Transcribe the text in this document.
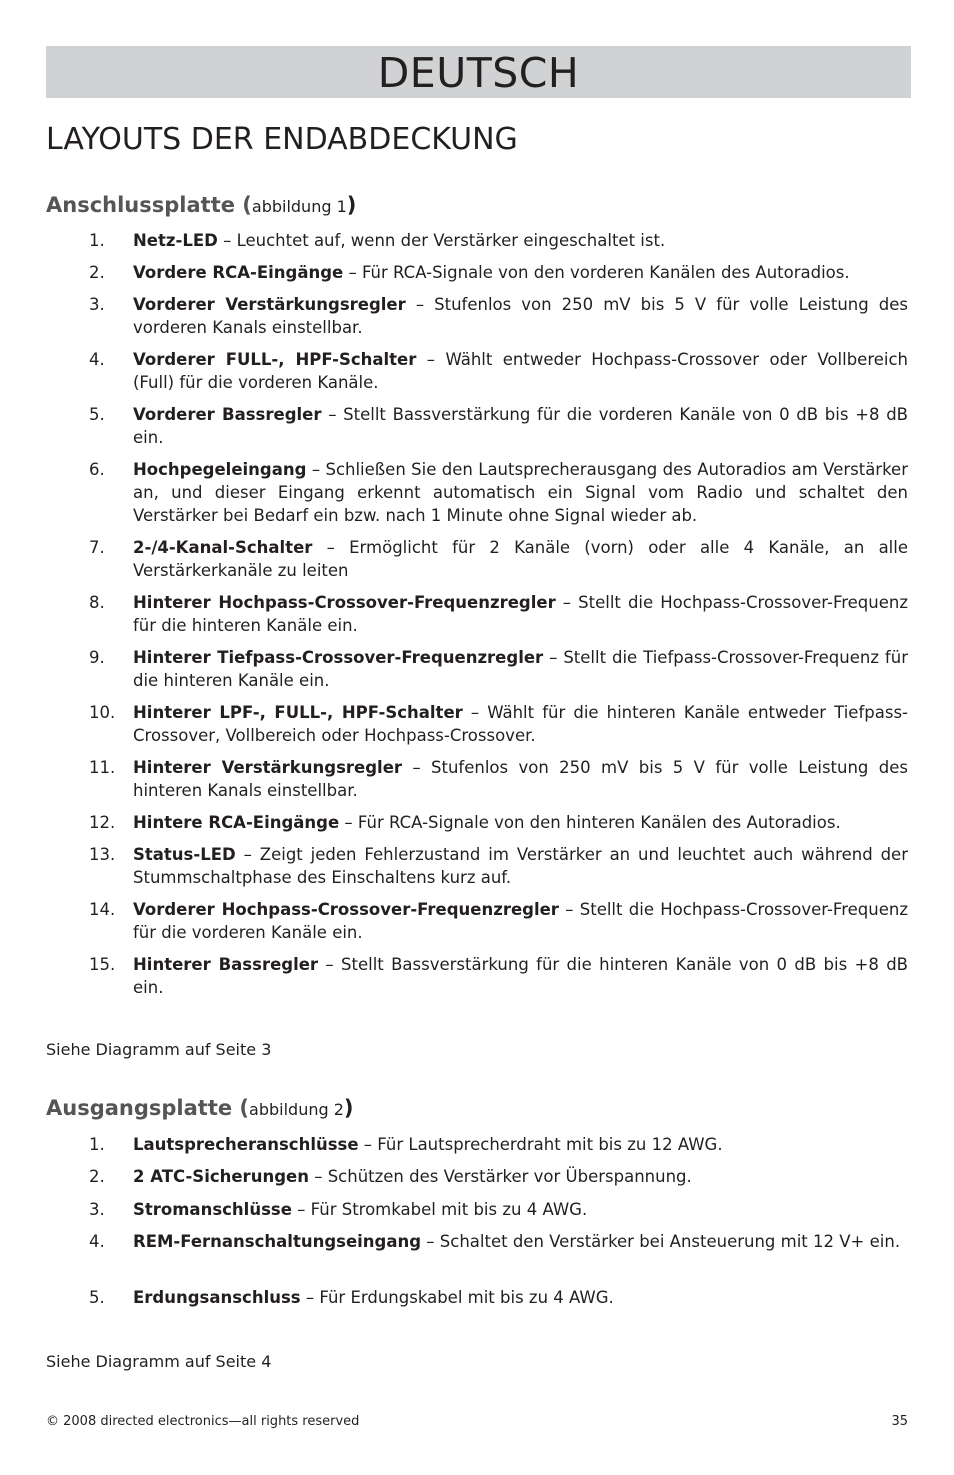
DEUTSCH
LAYOUTS DER ENDABDECKUNG
Anschlussplatte (abbildung 1)
1. Netz-LED – Leuchtet auf, wenn der Verstärker eingeschaltet ist.
2. Vordere RCA-Eingänge – Für RCA-Signale von den vorderen Kanälen des Autoradios.
3. Vorderer Verstärkungsregler – Stufenlos von 250 mV bis 5 V für volle Leistung des vorderen Kanals einstellbar.
4. Vorderer FULL-, HPF-Schalter – Wählt entweder Hochpass-Crossover oder Vollbereich (Full) für die vorderen Kanäle.
5. Vorderer Bassregler – Stellt Bassverstärkung für die vorderen Kanäle von 0 dB bis +8 dB ein.
6. Hochpegeleingang – Schließen Sie den Lautsprecherausgang des Autoradios am Verstärker an, und dieser Eingang erkennt automatisch ein Signal vom Radio und schaltet den Verstärker bei Bedarf ein bzw. nach 1 Minute ohne Signal wieder ab.
7. 2-/4-Kanal-Schalter – Ermöglicht für 2 Kanäle (vorn) oder alle 4 Kanäle, an alle Verstärkerkanäle zu leiten
8. Hinterer Hochpass-Crossover-Frequenzregler – Stellt die Hochpass-Crossover-Frequenz für die hinteren Kanäle ein.
9. Hinterer Tiefpass-Crossover-Frequenzregler – Stellt die Tiefpass-Crossover-Frequenz für die hinteren Kanäle ein.
10. Hinterer LPF-, FULL-, HPF-Schalter – Wählt für die hinteren Kanäle entweder Tiefpass-Crossover, Vollbereich oder Hochpass-Crossover.
11. Hinterer Verstärkungsregler – Stufenlos von 250 mV bis 5 V für volle Leistung des hinteren Kanals einstellbar.
12. Hintere RCA-Eingänge – Für RCA-Signale von den hinteren Kanälen des Autoradios.
13. Status-LED – Zeigt jeden Fehlerzustand im Verstärker an und leuchtet auch während der Stummschaltphase des Einschaltens kurz auf.
14. Vorderer Hochpass-Crossover-Frequenzregler – Stellt die Hochpass-Crossover-Frequenz für die vorderen Kanäle ein.
15. Hinterer Bassregler – Stellt Bassverstärkung für die hinteren Kanäle von 0 dB bis +8 dB ein.
Siehe Diagramm auf Seite 3
Ausgangsplatte (abbildung 2)
1. Lautsprecheranschlüsse – Für Lautsprecherdraht mit bis zu 12 AWG.
2. 2 ATC-Sicherungen – Schützen des Verstärker vor Überspannung.
3. Stromanschlüsse – Für Stromkabel mit bis zu 4 AWG.
4. REM-Fernanschaltungseingang – Schaltet den Verstärker bei Ansteuerung mit 12 V+ ein.
5. Erdungsanschluss – Für Erdungskabel mit bis zu 4 AWG.
Siehe Diagramm auf Seite 4
© 2008 directed electronics—all rights reserved	35
